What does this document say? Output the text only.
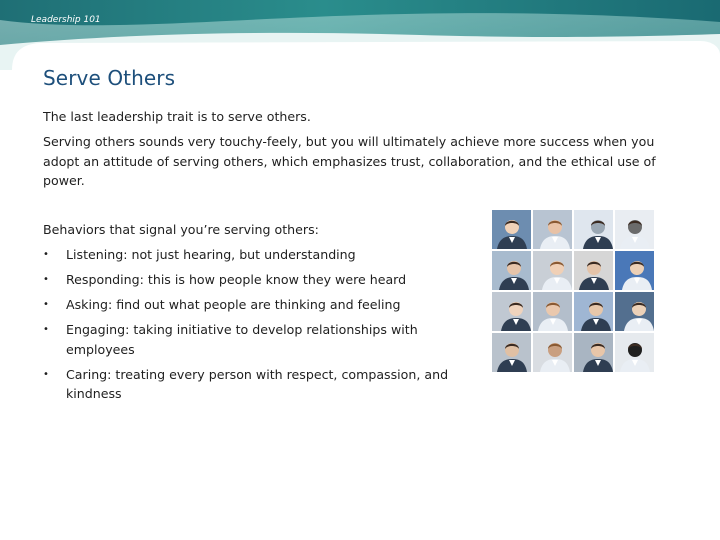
Leadership 101
Serve Others

The last leadership trait is to serve others.

Serving others sounds very touchy-feely, but you will ultimately achieve more success when you adopt an attitude of serving others, which emphasizes trust, collaboration, and the ethical use of power.

Behaviors that signal you’re serving others:

• Listening: not just hearing, but understanding
• Responding: this is how people know they were heard
• Asking: find out what people are thinking and feeling
• Engaging: taking initiative to develop relationships with employees
• Caring: treating every person with respect, compassion, and kindness
